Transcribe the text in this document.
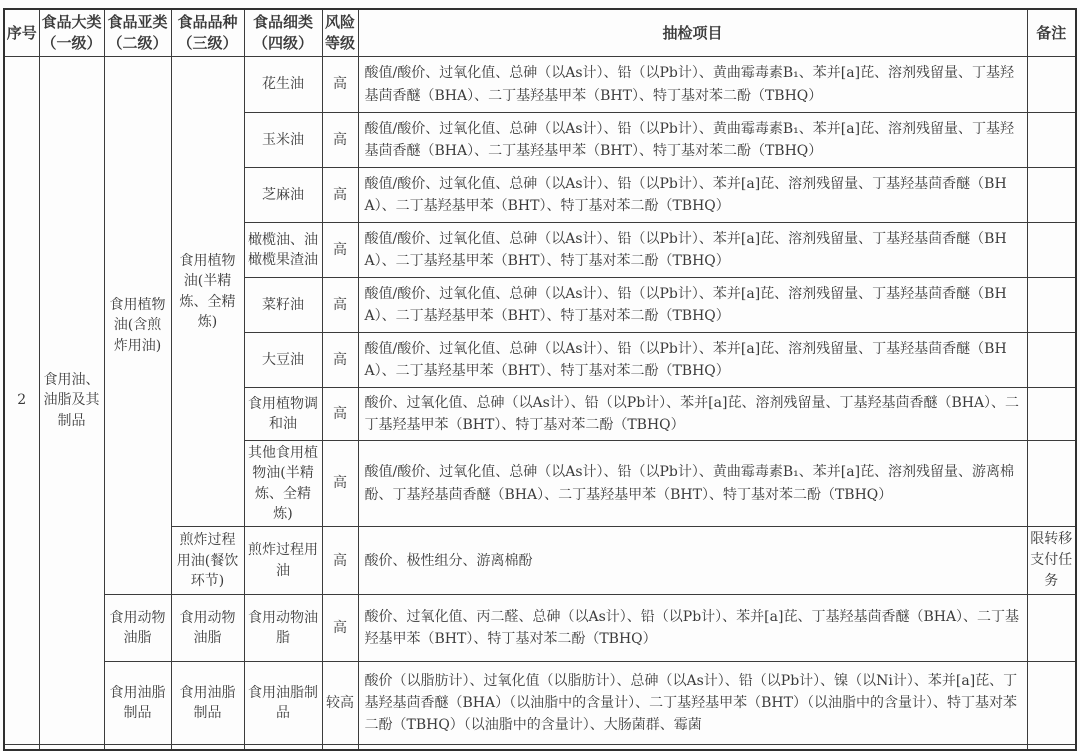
序号	食品大类（一级）	食品亚类（二级）	食品品种（三级）	食品细类（四级）	风险等级	抽检项目	备注
2	食用油、油脂及其制品	食用植物油(含煎炸用油)	食用植物油(半精炼、全精炼)	花生油	高	酸值/酸价、过氧化值、总砷（以As计）、铅（以Pb计）、黄曲霉毒素B₁、苯并[a]芘、溶剂残留量、丁基羟基茴香醚（BHA）、二丁基羟基甲苯（BHT）、特丁基对苯二酚（TBHQ）	
				玉米油	高	酸值/酸价、过氧化值、总砷（以As计）、铅（以Pb计）、黄曲霉毒素B₁、苯并[a]芘、溶剂残留量、丁基羟基茴香醚（BHA）、二丁基羟基甲苯（BHT）、特丁基对苯二酚（TBHQ）	
				芝麻油	高	酸值/酸价、过氧化值、总砷（以As计）、铅（以Pb计）、苯并[a]芘、溶剂残留量、丁基羟基茴香醚（BHA）、二丁基羟基甲苯（BHT）、特丁基对苯二酚（TBHQ）	
				橄榄油、油橄榄果渣油	高	酸值/酸价、过氧化值、总砷（以As计）、铅（以Pb计）、苯并[a]芘、溶剂残留量、丁基羟基茴香醚（BHA）、二丁基羟基甲苯（BHT）、特丁基对苯二酚（TBHQ）	
				菜籽油	高	酸值/酸价、过氧化值、总砷（以As计）、铅（以Pb计）、苯并[a]芘、溶剂残留量、丁基羟基茴香醚（BHA）、二丁基羟基甲苯（BHT）、特丁基对苯二酚（TBHQ）	
				大豆油	高	酸值/酸价、过氧化值、总砷（以As计）、铅（以Pb计）、苯并[a]芘、溶剂残留量、丁基羟基茴香醚（BHA）、二丁基羟基甲苯（BHT）、特丁基对苯二酚（TBHQ）	
				食用植物调和油	高	酸价、过氧化值、总砷（以As计）、铅（以Pb计）、苯并[a]芘、溶剂残留量、丁基羟基茴香醚（BHA）、二丁基羟基甲苯（BHT）、特丁基对苯二酚（TBHQ）	
				其他食用植物油(半精炼、全精炼)	高	酸值/酸价、过氧化值、总砷（以As计）、铅（以Pb计）、黄曲霉毒素B₁、苯并[a]芘、溶剂残留量、游离棉酚、丁基羟基茴香醚（BHA）、二丁基羟基甲苯（BHT）、特丁基对苯二酚（TBHQ）	
			煎炸过程用油(餐饮环节)	煎炸过程用油	高	酸价、极性组分、游离棉酚	限转移支付任务
		食用动物油脂	食用动物油脂	食用动物油脂	高	酸价、过氧化值、丙二醛、总砷（以As计）、铅（以Pb计）、苯并[a]芘、丁基羟基茴香醚（BHA）、二丁基羟基甲苯（BHT）、特丁基对苯二酚（TBHQ）	
		食用油脂制品	食用油脂制品	食用油脂制品	较高	酸价（以脂肪计）、过氧化值（以脂肪计）、总砷（以As计）、铅（以Pb计）、镍（以Ni计）、苯并[a]芘、丁基羟基茴香醚（BHA）（以油脂中的含量计）、二丁基羟基甲苯（BHT）（以油脂中的含量计）、特丁基对苯二酚（TBHQ）（以油脂中的含量计）、大肠菌群、霉菌	
